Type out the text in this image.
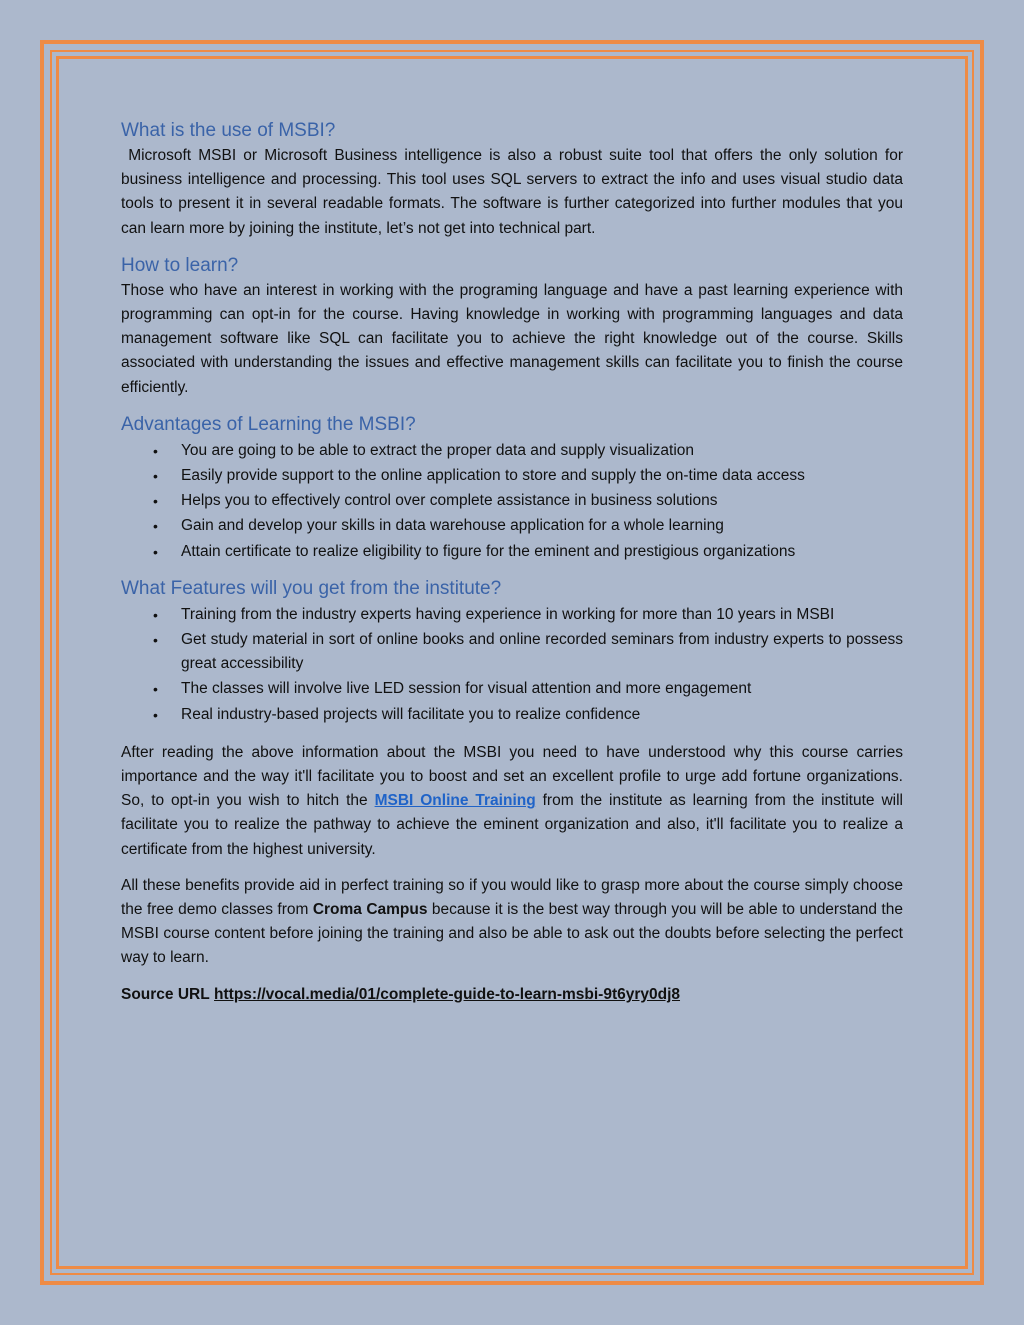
What is the use of MSBI?

Microsoft MSBI or Microsoft Business intelligence is also a robust suite tool that offers the only solution for business intelligence and processing. This tool uses SQL servers to extract the info and uses visual studio data tools to present it in several readable formats. The software is further categorized into further modules that you can learn more by joining the institute, let’s not get into technical part.

How to learn?

Those who have an interest in working with the programing language and have a past learning experience with programming can opt-in for the course. Having knowledge in working with programming languages and data management software like SQL can facilitate you to achieve the right knowledge out of the course. Skills associated with understanding the issues and effective management skills can facilitate you to finish the course efficiently.

Advantages of Learning the MSBI?
• You are going to be able to extract the proper data and supply visualization
• Easily provide support to the online application to store and supply the on-time data access
• Helps you to effectively control over complete assistance in business solutions
• Gain and develop your skills in data warehouse application for a whole learning
• Attain certificate to realize eligibility to figure for the eminent and prestigious organizations
What Features will you get from the institute?
• Training from the industry experts having experience in working for more than 10 years in MSBI
• Get study material in sort of online books and online recorded seminars from industry experts to possess great accessibility
• The classes will involve live LED session for visual attention and more engagement
• Real industry-based projects will facilitate you to realize confidence

After reading the above information about the MSBI you need to have understood why this course carries importance and the way it'll facilitate you to boost and set an excellent profile to urge add fortune organizations. So, to opt-in you wish to hitch the MSBI Online Training from the institute as learning from the institute will facilitate you to realize the pathway to achieve the eminent organization and also, it'll facilitate you to realize a certificate from the highest university.

All these benefits provide aid in perfect training so if you would like to grasp more about the course simply choose the free demo classes from Croma Campus because it is the best way through you will be able to understand the MSBI course content before joining the training and also be able to ask out the doubts before selecting the perfect way to learn.

Source URL https://vocal.media/01/complete-guide-to-learn-msbi-9t6yry0dj8
